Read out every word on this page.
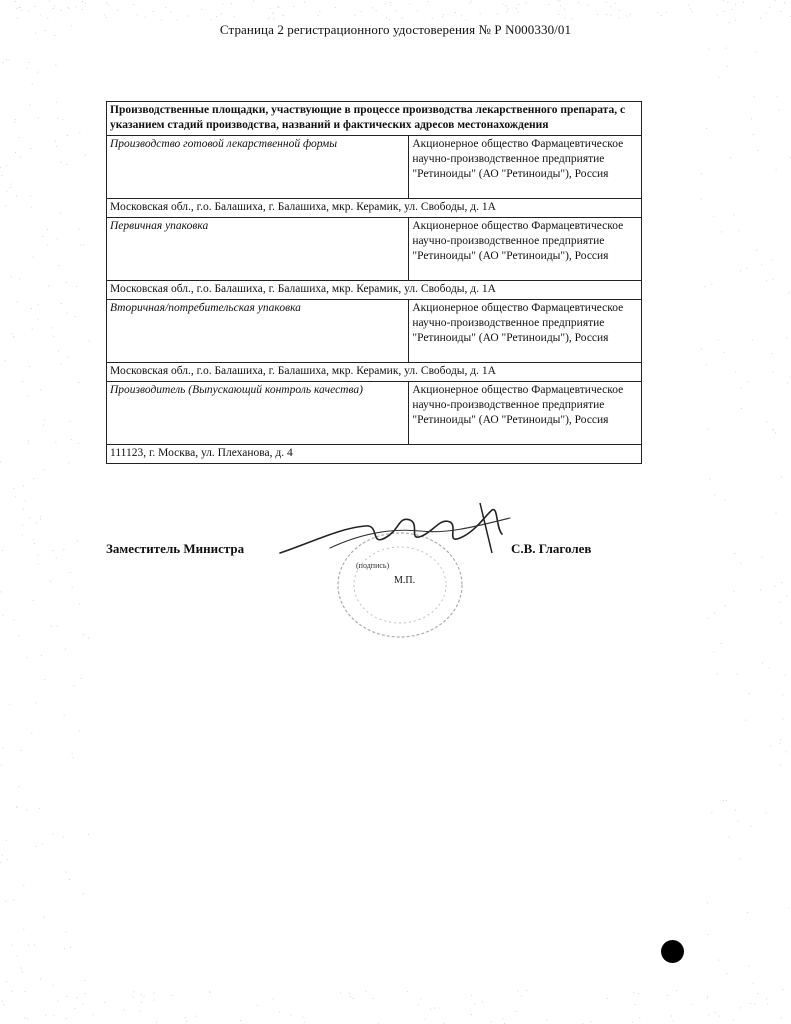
Страница 2 регистрационного удостоверения № Р N000330/01
Производственные площадки, участвующие в процессе производства лекарственного препарата, с указанием стадий производства, названий и фактических адресов местонахождения	
Производство готовой лекарственной формы	Акционерное общество Фармацевтическое научно-производственное предприятие "Ретиноиды" (АО "Ретиноиды"), Россия
Московская обл., г.о. Балашиха, г. Балашиха, мкр. Керамик, ул. Свободы, д. 1А	
Первичная упаковка	Акционерное общество Фармацевтическое научно-производственное предприятие "Ретиноиды" (АО "Ретиноиды"), Россия
Московская обл., г.о. Балашиха, г. Балашиха, мкр. Керамик, ул. Свободы, д. 1А	
Вторичная/потребительская упаковка	Акционерное общество Фармацевтическое научно-производственное предприятие "Ретиноиды" (АО "Ретиноиды"), Россия
Московская обл., г.о. Балашиха, г. Балашиха, мкр. Керамик, ул. Свободы, д. 1А	
Производитель (Выпускающий контроль качества)	Акционерное общество Фармацевтическое научно-производственное предприятие "Ретиноиды" (АО "Ретиноиды"), Россия
111123, г. Москва, ул. Плеханова, д. 4	
Заместитель Министра
(подпись)
М.П.
С.В. Глаголев
